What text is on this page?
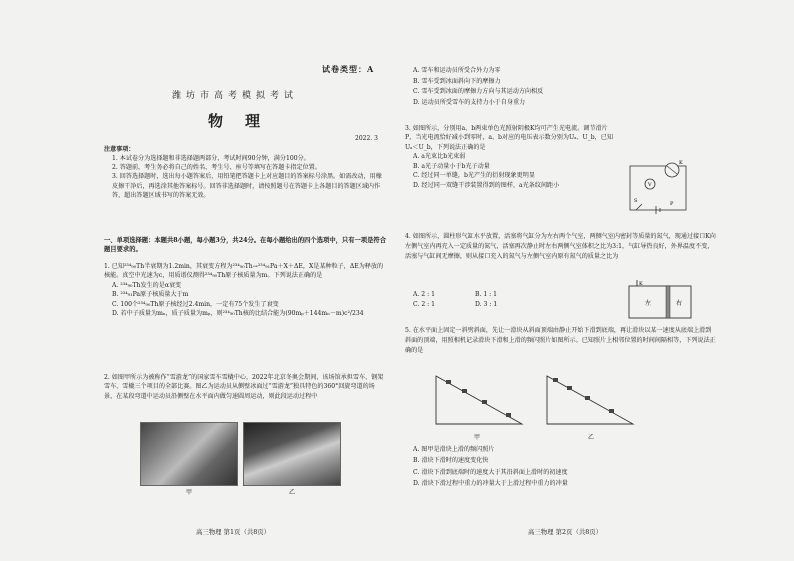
试卷类型：A
潍坊市高考模拟考试
物理
2022. 3
注意事项：
1. 本试卷分为选择题和非选择题两部分，考试时间90分钟，满分100分。
2. 答题前，考生务必将自己的姓名、考生号、座号等填写在答题卡指定位置。
3. 回答选择题时，选出每小题答案后，用铅笔把答题卡上对应题目的答案标号涂黑。如需改动，用橡皮擦干净后，再选涂其他答案标号。回答非选择题时，请按照题号在答题卡上各题目的答题区域内作答，超出答题区域书写的答案无效。
一、单项选择题：本题共8小题，每小题3分，共24分。在每小题给出的四个选项中，只有一项是符合题目要求的。
1. 已知²³⁴₉₀Th半衰期为1.2min，其衰变方程为²³⁴₉₀Th→²³⁴₉₁Pa＋X＋ΔE，X是某种粒子，ΔE为释放的核能。真空中光速为c，用质谱仪测得²³⁴₉₀Th原子核质量为m。下列说法正确的是
A. ²³⁴₉₀Th发生的是α衰变
B. ²³⁴₉₁Pa原子核质量大于m
C. 100个²³⁴₉₀Th原子核经过2.4min，一定有75个发生了衰变
D. 若中子质量为mₙ，质子质量为mₚ，则²³⁴₉₀Th核的比结合能为(90mₚ＋144mₙ－m)c²/234
2. 如图甲所示为被称作“雪游龙”的国家雪车雪橇中心，2022年北京冬奥会期间，该场馆承担雪车、钢架雪车、雪橇三个项目的全部比赛。图乙为运动员从侧壁冰面过“雪游龙”独具特色的360°回旋弯道的场景，在某段弯道中运动员沿侧壁在水平面内做匀速圆周运动，则此段运动过程中
甲	乙
高三物理 第1页（共8页）
A. 雪车和运动员所受合外力为零
B. 雪车受到冰面斜向下的摩擦力
C. 雪车受到冰面的摩擦力方向与其运动方向相反
D. 运动员所受雪车的支持力小于自身重力
3. 如图所示，分别用a、b两束单色光照射阴极K均可产生光电流。调节滑片P，当光电流恰好减小到零时，a、b对应的电压表示数分别为Uₐ、U_b，已知Uₐ＜U_b，下列说法正确的是
A. a光束比b光束弱
B. a光子动量小于b光子动量
C. 经过同一单缝，b光产生的衍射现象更明显
D. 经过同一双缝干涉装置得到的图样，a光条纹间距小
K
V
S	P
4. 如图所示，圆柱形气缸水平放置，活塞将气缸分为左右两个气室，两侧气室内密封等质量的氮气，现通过接口K向左侧气室内再充入一定质量的氮气，活塞再次静止时左右两侧气室体积之比为3:1，气缸导热良好，外界温度不变，活塞与气缸间无摩擦，则从接口充入的氮气与左侧气室内原有氮气的质量之比为
A. 2 : 1	B. 1 : 1
C. 2 : 1	D. 3 : 1
K
左	右
5. 在水平面上固定一斜劈斜面，先让一滑块从斜面顶端由静止开始下滑到底端，再让滑块以某一速度从底端上滑到斜面的顶端，用照相机记录滑块下滑和上滑的频闪照片如图所示。已知照片上相邻位置的时间间隔相等，下列说法正确的是
甲	乙
A. 图甲是滑块上滑的频闪照片
B. 滑块下滑时的速度变化快
C. 滑块下滑到底端时的速度大于其沿斜面上滑时的初速度
D. 滑块下滑过程中重力的冲量大于上滑过程中重力的冲量
高三物理 第2页（共8页）
